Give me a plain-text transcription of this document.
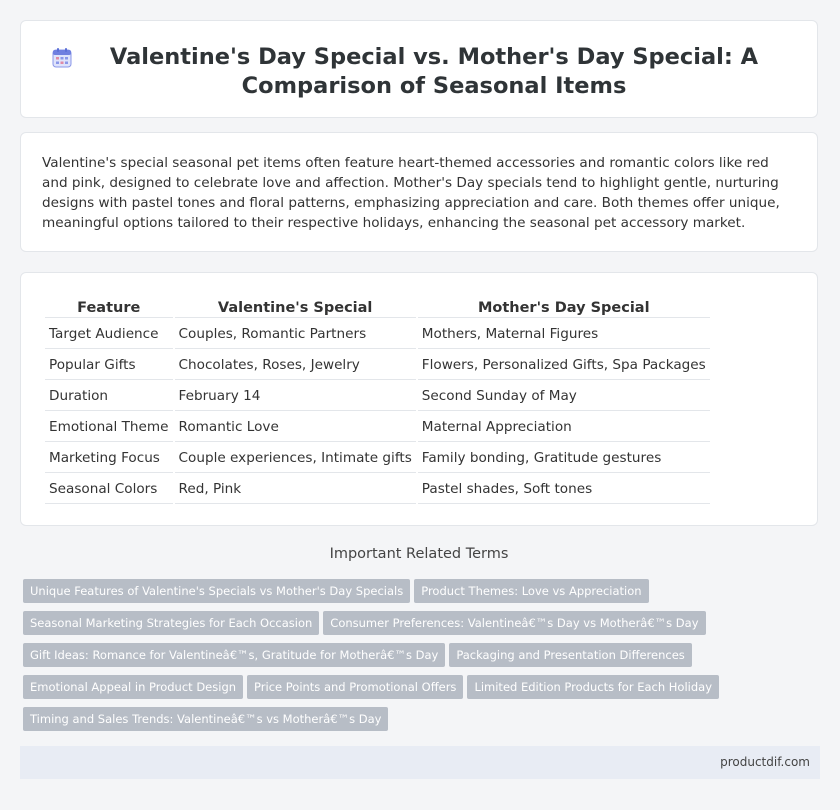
Valentine's Day Special vs. Mother's Day Special: A Comparison of Seasonal Items

Valentine's special seasonal pet items often feature heart-themed accessories and romantic colors like red and pink, designed to celebrate love and affection. Mother's Day specials tend to highlight gentle, nurturing designs with pastel tones and floral patterns, emphasizing appreciation and care. Both themes offer unique, meaningful options tailored to their respective holidays, enhancing the seasonal pet accessory market.

Feature	Valentine's Special	Mother's Day Special
Target Audience	Couples, Romantic Partners	Mothers, Maternal Figures
Popular Gifts	Chocolates, Roses, Jewelry	Flowers, Personalized Gifts, Spa Packages
Duration	February 14	Second Sunday of May
Emotional Theme	Romantic Love	Maternal Appreciation
Marketing Focus	Couple experiences, Intimate gifts	Family bonding, Gratitude gestures
Seasonal Colors	Red, Pink	Pastel shades, Soft tones
Important Related Terms
Unique Features of Valentine's Specials vs Mother's Day Specials Product Themes: Love vs Appreciation
Seasonal Marketing Strategies for Each Occasion Consumer Preferences: Valentineâ€™s Day vs Motherâ€™s Day
Gift Ideas: Romance for Valentineâ€™s, Gratitude for Motherâ€™s Day Packaging and Presentation Differences
Emotional Appeal in Product Design Price Points and Promotional Offers Limited Edition Products for Each Holiday
Timing and Sales Trends: Valentineâ€™s vs Motherâ€™s Day
productdif.com
